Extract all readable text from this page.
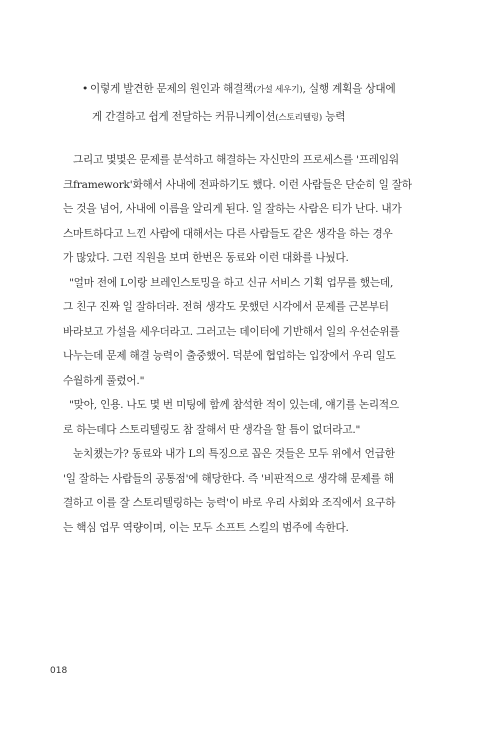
• 이렇게 발견한 문제의 원인과 해결책(가설 세우기), 실행 계획을 상대에
게 간결하고 쉽게 전달하는 커뮤니케이션(스토리텔링) 능력

그리고 몇몇은 문제를 분석하고 해결하는 자신만의 프로세스를 '프레임워
크framework'화해서 사내에 전파하기도 했다. 이런 사람들은 단순히 일 잘하
는 것을 넘어, 사내에 이름을 알리게 된다. 일 잘하는 사람은 티가 난다. 내가
스마트하다고 느낀 사람에 대해서는 다른 사람들도 같은 생각을 하는 경우
가 많았다. 그런 직원을 보며 한번은 동료와 이런 대화를 나눴다.

"얼마 전에 L이랑 브레인스토밍을 하고 신규 서비스 기획 업무를 했는데,
그 친구 진짜 일 잘하더라. 전혀 생각도 못했던 시각에서 문제를 근본부터
바라보고 가설을 세우더라고. 그러고는 데이터에 기반해서 일의 우선순위를
나누는데 문제 해결 능력이 출중했어. 덕분에 협업하는 입장에서 우리 일도
수월하게 풀렸어."

"맞아, 인용. 나도 몇 번 미팅에 함께 참석한 적이 있는데, 얘기를 논리적으
로 하는데다 스토리텔링도 참 잘해서 딴 생각을 할 틈이 없더라고."

눈치챘는가? 동료와 내가 L의 특징으로 꼽은 것들은 모두 위에서 언급한
'일 잘하는 사람들의 공통점'에 해당한다. 즉 '비판적으로 생각해 문제를 해
결하고 이를 잘 스토리텔링하는 능력'이 바로 우리 사회와 조직에서 요구하
는 핵심 업무 역량이며, 이는 모두 소프트 스킬의 범주에 속한다.

018
